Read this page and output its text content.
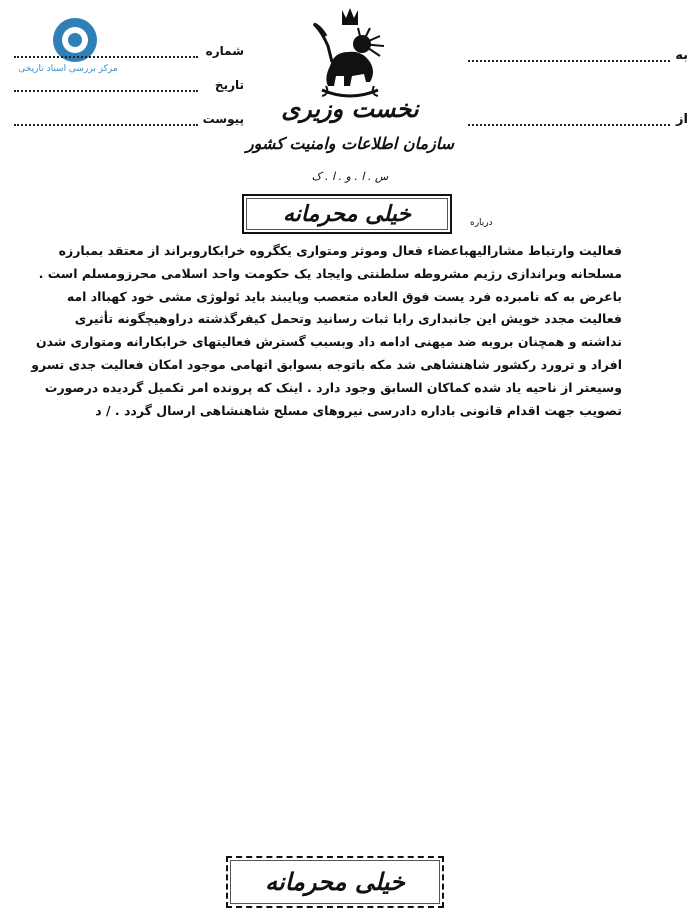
مرکز بررسی اسناد تاریخی
شماره
تاریخ
پیوست
به
از
نخست وزیری
سازمان اطلاعات وامنیت کشور
س . ا . و . ا . ک
خیلی محرمانه	درباره

فعالیت وارتباط مشارالیهباعضاء فعال وموثر ومتواری یکگروه خرابکاروبراند از معتقد بمبارزه

مسلحانه وبراندازی رژیم مشروطه سلطنتی وایجاد یک حکومت واحد اسلامی محرزومسلم است .

باعرض به که نامبرده فرد یست فوق العاده متعصب وپایبند باید ئولوژی مشی خود کهبااد امه

فعالیت مجدد خویش این جانبداری رابا ثبات رسانید وتحمل کیفرگذشته دراوهیچگونه تأثیری

نداشته و همچنان بروبه ضد میهنی ادامه داد وبسبب گسترش فعالیتهای خرابکارانه ومتواری شدن

افراد و ترورد رکشور شاهنشاهی شد مکه باتوجه بسوابق اتهامی موجود امکان فعالیت جدی تسرو

وسیعتر از ناحیه یاد شده کماکان السابق وجود دارد . اینک که پرونده امر تکمیل گردیده درصورت

تصویب جهت اقدام قانونی باداره دادرسی نیروهای مسلح شاهنشاهی ارسال گردد . / د

خیلی محرمانه
